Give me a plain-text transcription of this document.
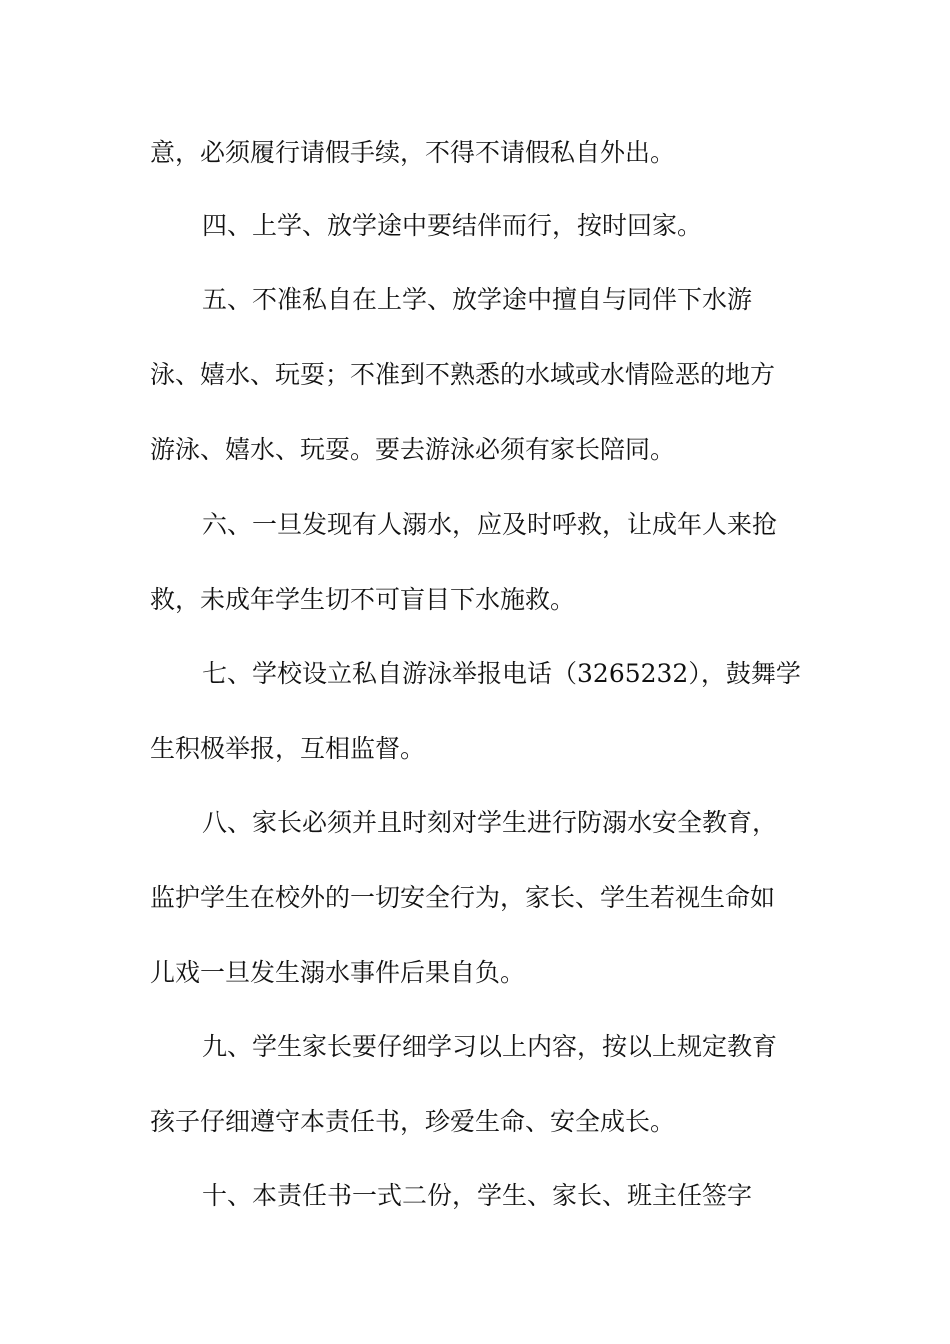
意，必须履行请假手续，不得不请假私自外出。
四、上学、放学途中要结伴而行，按时回家。
五、不准私自在上学、放学途中擅自与同伴下水游
泳、嬉水、玩耍；不准到不熟悉的水域或水情险恶的地方
游泳、嬉水、玩耍。要去游泳必须有家长陪同。
六、一旦发现有人溺水，应及时呼救，让成年人来抢
救，未成年学生切不可盲目下水施救。
七、学校设立私自游泳举报电话（3265232），鼓舞学
生积极举报，互相监督。
八、家长必须并且时刻对学生进行防溺水安全教育，
监护学生在校外的一切安全行为，家长、学生若视生命如
儿戏一旦发生溺水事件后果自负。
九、学生家长要仔细学习以上内容，按以上规定教育
孩子仔细遵守本责任书，珍爱生命、安全成长。
十、本责任书一式二份，学生、家长、班主任签字
